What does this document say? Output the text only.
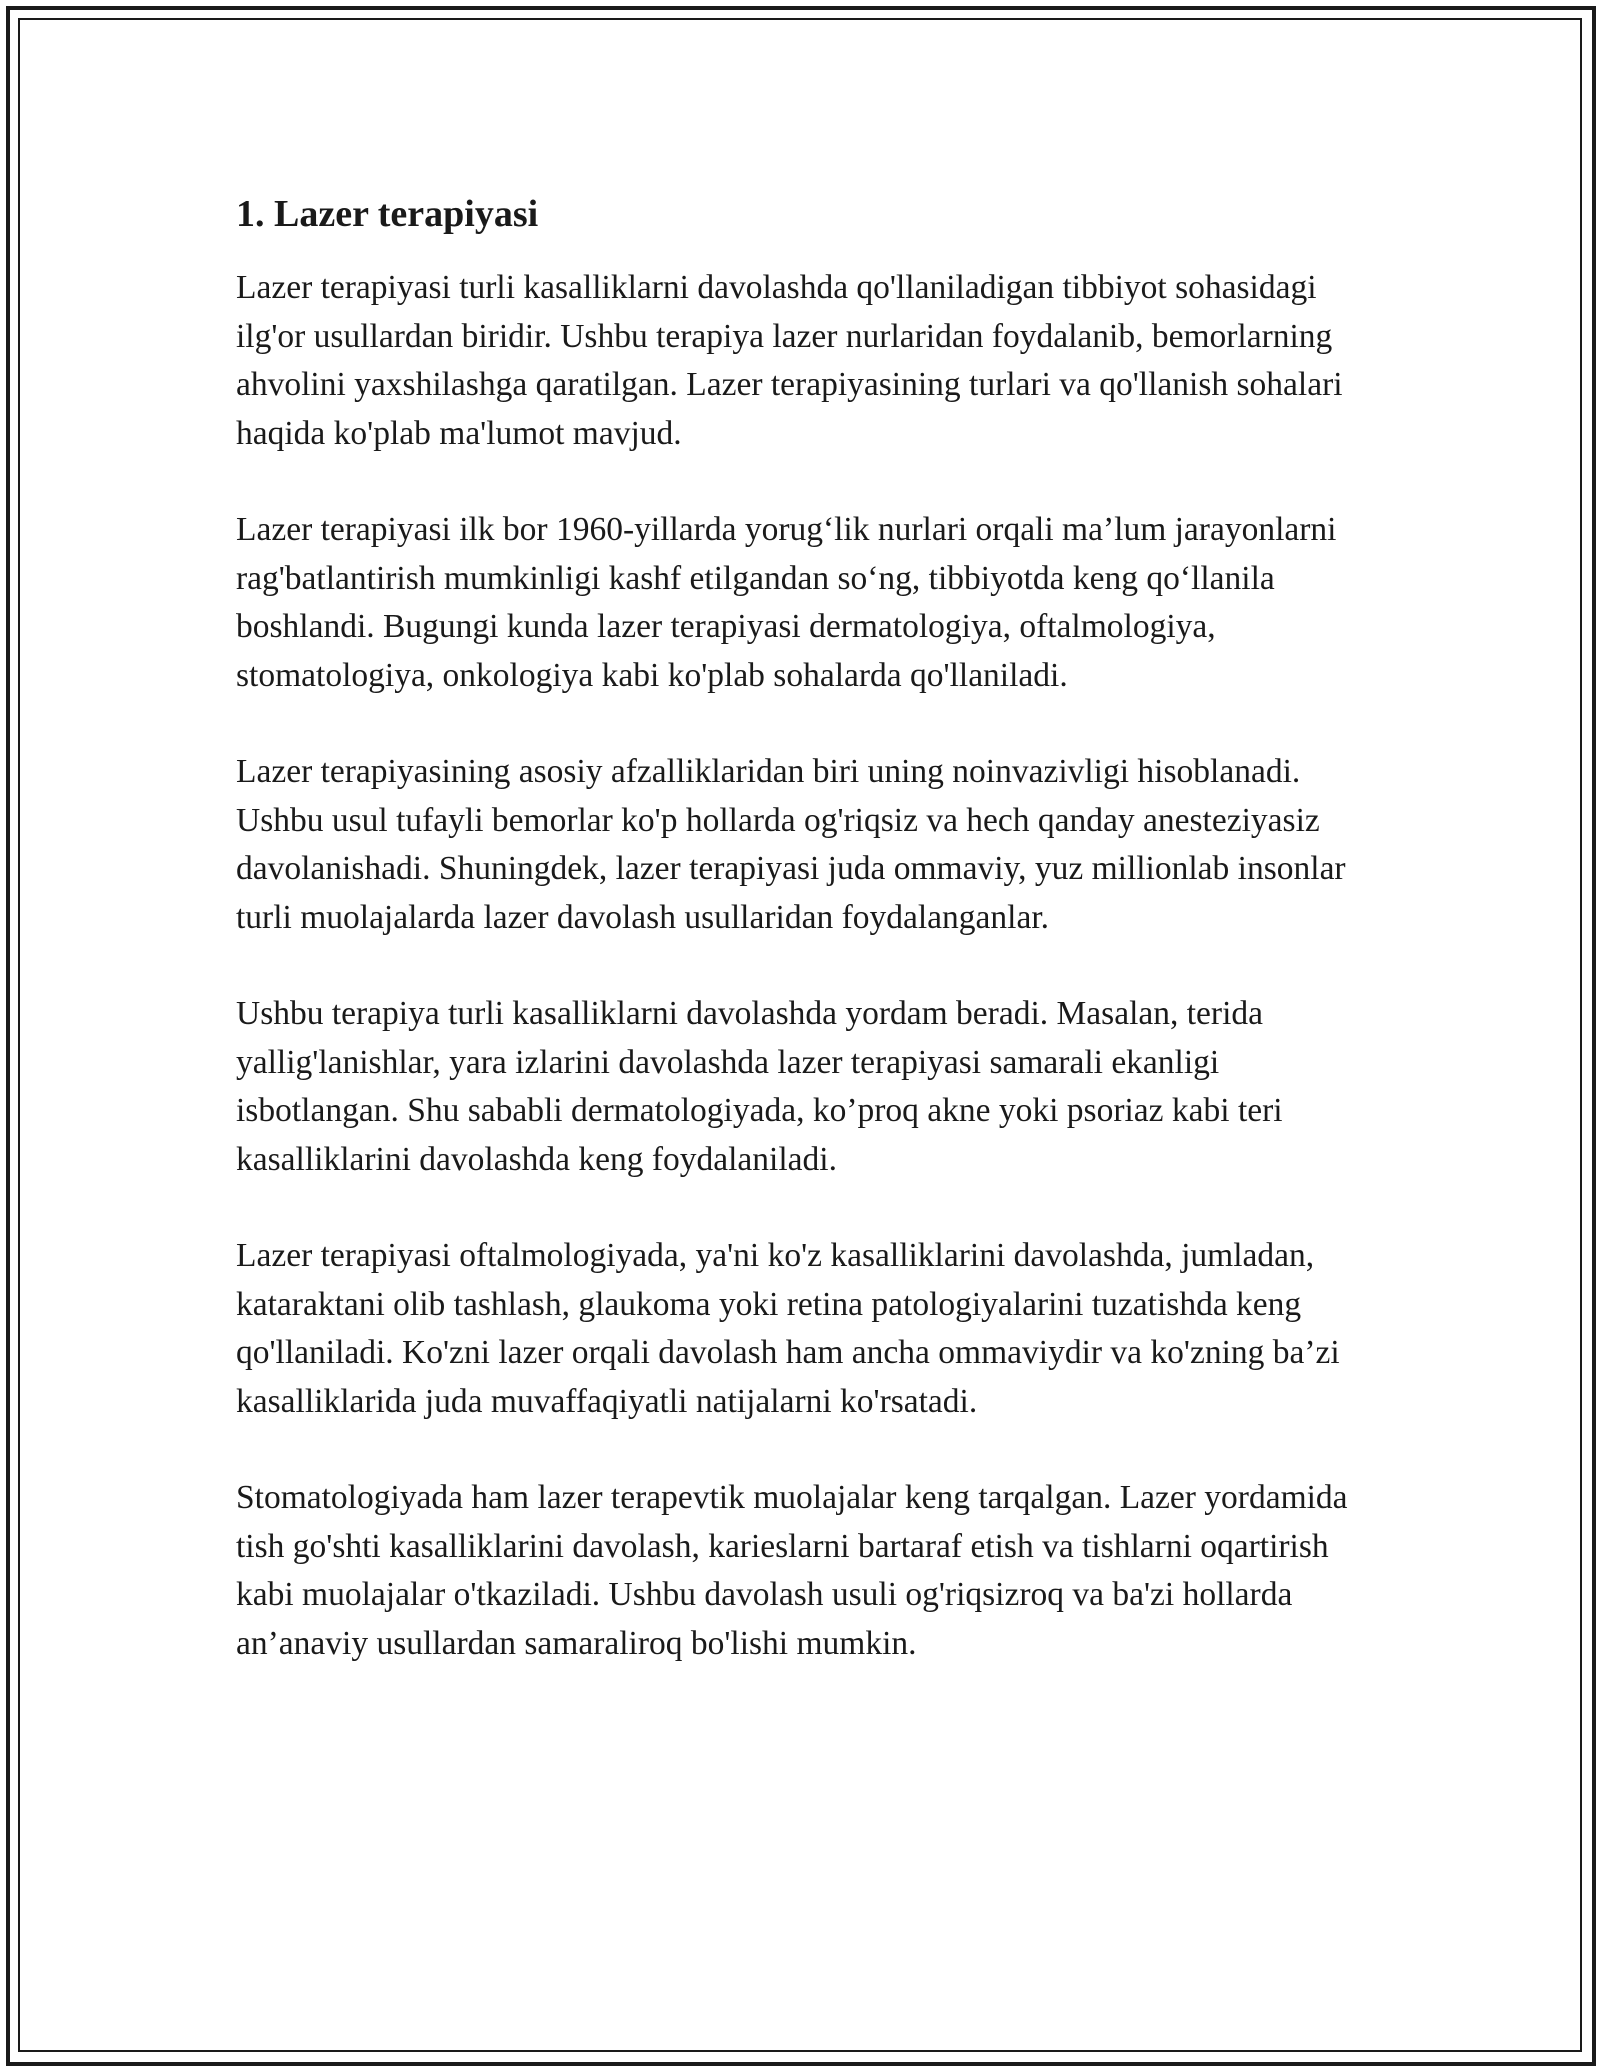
1. Lazer terapiyasi

Lazer terapiyasi turli kasalliklarni davolashda qo'llaniladigan tibbiyot sohasidagi ilg'or usullardan biridir. Ushbu terapiya lazer nurlaridan foydalanib, bemorlarning ahvolini yaxshilashga qaratilgan. Lazer terapiyasining turlari va qo'llanish sohalari haqida ko'plab ma'lumot mavjud.

Lazer terapiyasi ilk bor 1960-yillarda yorug‘lik nurlari orqali ma’lum jarayonlarni rag'batlantirish mumkinligi kashf etilgandan so‘ng, tibbiyotda keng qo‘llanila boshlandi. Bugungi kunda lazer terapiyasi dermatologiya, oftalmologiya, stomatologiya, onkologiya kabi ko'plab sohalarda qo'llaniladi.

Lazer terapiyasining asosiy afzalliklaridan biri uning noinvazivligi hisoblanadi. Ushbu usul tufayli bemorlar ko'p hollarda og'riqsiz va hech qanday anesteziyasiz davolanishadi. Shuningdek, lazer terapiyasi juda ommaviy, yuz millionlab insonlar turli muolajalarda lazer davolash usullaridan foydalanganlar.

Ushbu terapiya turli kasalliklarni davolashda yordam beradi. Masalan, terida yallig'lanishlar, yara izlarini davolashda lazer terapiyasi samarali ekanligi isbotlangan. Shu sababli dermatologiyada, ko’proq akne yoki psoriaz kabi teri kasalliklarini davolashda keng foydalaniladi.

Lazer terapiyasi oftalmologiyada, ya'ni ko'z kasalliklarini davolashda, jumladan, kataraktani olib tashlash, glaukoma yoki retina patologiyalarini tuzatishda keng qo'llaniladi. Ko'zni lazer orqali davolash ham ancha ommaviydir va ko'zning ba’zi kasalliklarida juda muvaffaqiyatli natijalarni ko'rsatadi.

Stomatologiyada ham lazer terapevtik muolajalar keng tarqalgan. Lazer yordamida tish go'shti kasalliklarini davolash, karieslarni bartaraf etish va tishlarni oqartirish kabi muolajalar o'tkaziladi. Ushbu davolash usuli og'riqsizroq va ba'zi hollarda an’anaviy usullardan samaraliroq bo'lishi mumkin.
